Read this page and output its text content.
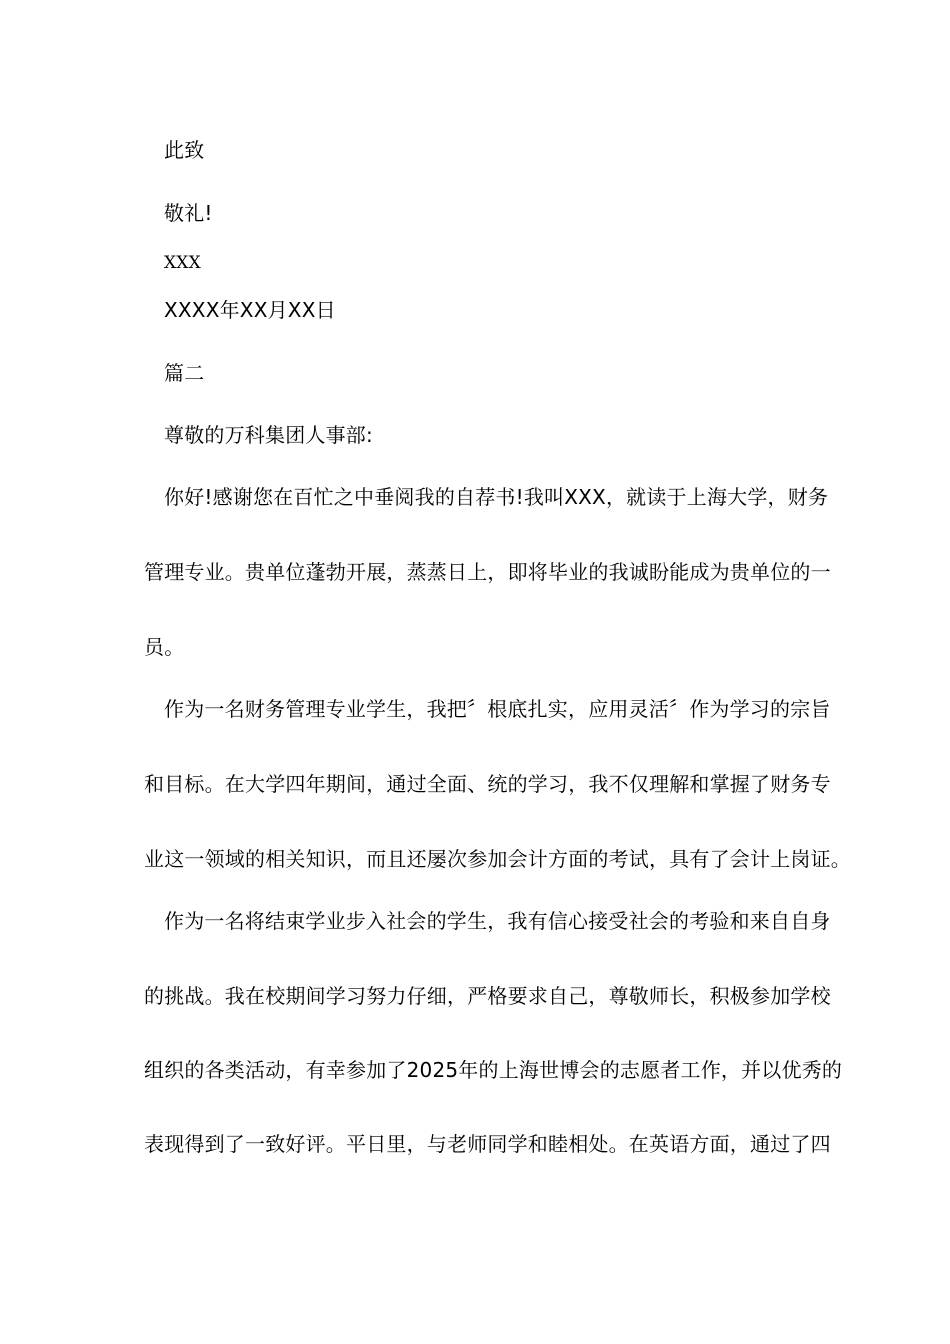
此致
敬礼!
XXX
XXXX年XX月XX日
篇二
尊敬的万科集团人事部:
你好!感谢您在百忙之中垂阅我的自荐书!我叫XXX，就读于上海大学，财务
管理专业。贵单位蓬勃开展，蒸蒸日上，即将毕业的我诚盼能成为贵单位的一
员。
作为一名财务管理专业学生，我把〞根底扎实，应用灵活〞作为学习的宗旨
和目标。在大学四年期间，通过全面、统的学习，我不仅理解和掌握了财务专
业这一领域的相关知识，而且还屡次参加会计方面的考试，具有了会计上岗证。
作为一名将结束学业步入社会的学生，我有信心接受社会的考验和来自自身
的挑战。我在校期间学习努力仔细，严格要求自己，尊敬师长，积极参加学校
组织的各类活动，有幸参加了2025年的上海世博会的志愿者工作，并以优秀的
表现得到了一致好评。平日里，与老师同学和睦相处。在英语方面，通过了四
